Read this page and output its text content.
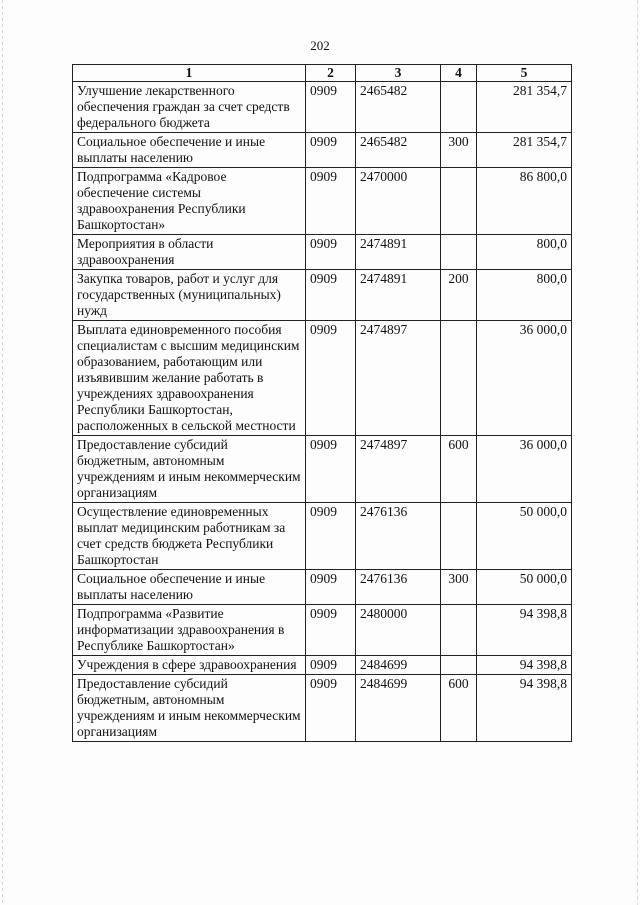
202
1	2	3	4	5
Улучшение лекарственного обеспечения граждан за счет средств федерального бюджета	0909	2465482		281 354,7
Социальное обеспечение и иные выплаты населению	0909	2465482	300	281 354,7
Подпрограмма «Кадровое обеспечение системы здравоохранения Республики Башкортостан»	0909	2470000		86 800,0
Мероприятия в области здравоохранения	0909	2474891		800,0
Закупка товаров, работ и услуг для государственных (муниципальных) нужд	0909	2474891	200	800,0
Выплата единовременного пособия специалистам с высшим медицинским образованием, работающим или изъявившим желание работать в учреждениях здравоохранения Республики Башкортостан, расположенных в сельской местности	0909	2474897		36 000,0
Предоставление субсидий бюджетным, автономным учреждениям и иным некоммерческим организациям	0909	2474897	600	36 000,0
Осуществление единовременных выплат медицинским работникам за счет средств бюджета Республики Башкортостан	0909	2476136		50 000,0
Социальное обеспечение и иные выплаты населению	0909	2476136	300	50 000,0
Подпрограмма «Развитие информатизации здравоохранения в Республике Башкортостан»	0909	2480000		94 398,8
Учреждения в сфере здравоохранения	0909	2484699		94 398,8
Предоставление субсидий бюджетным, автономным учреждениям и иным некоммерческим организациям	0909	2484699	600	94 398,8
